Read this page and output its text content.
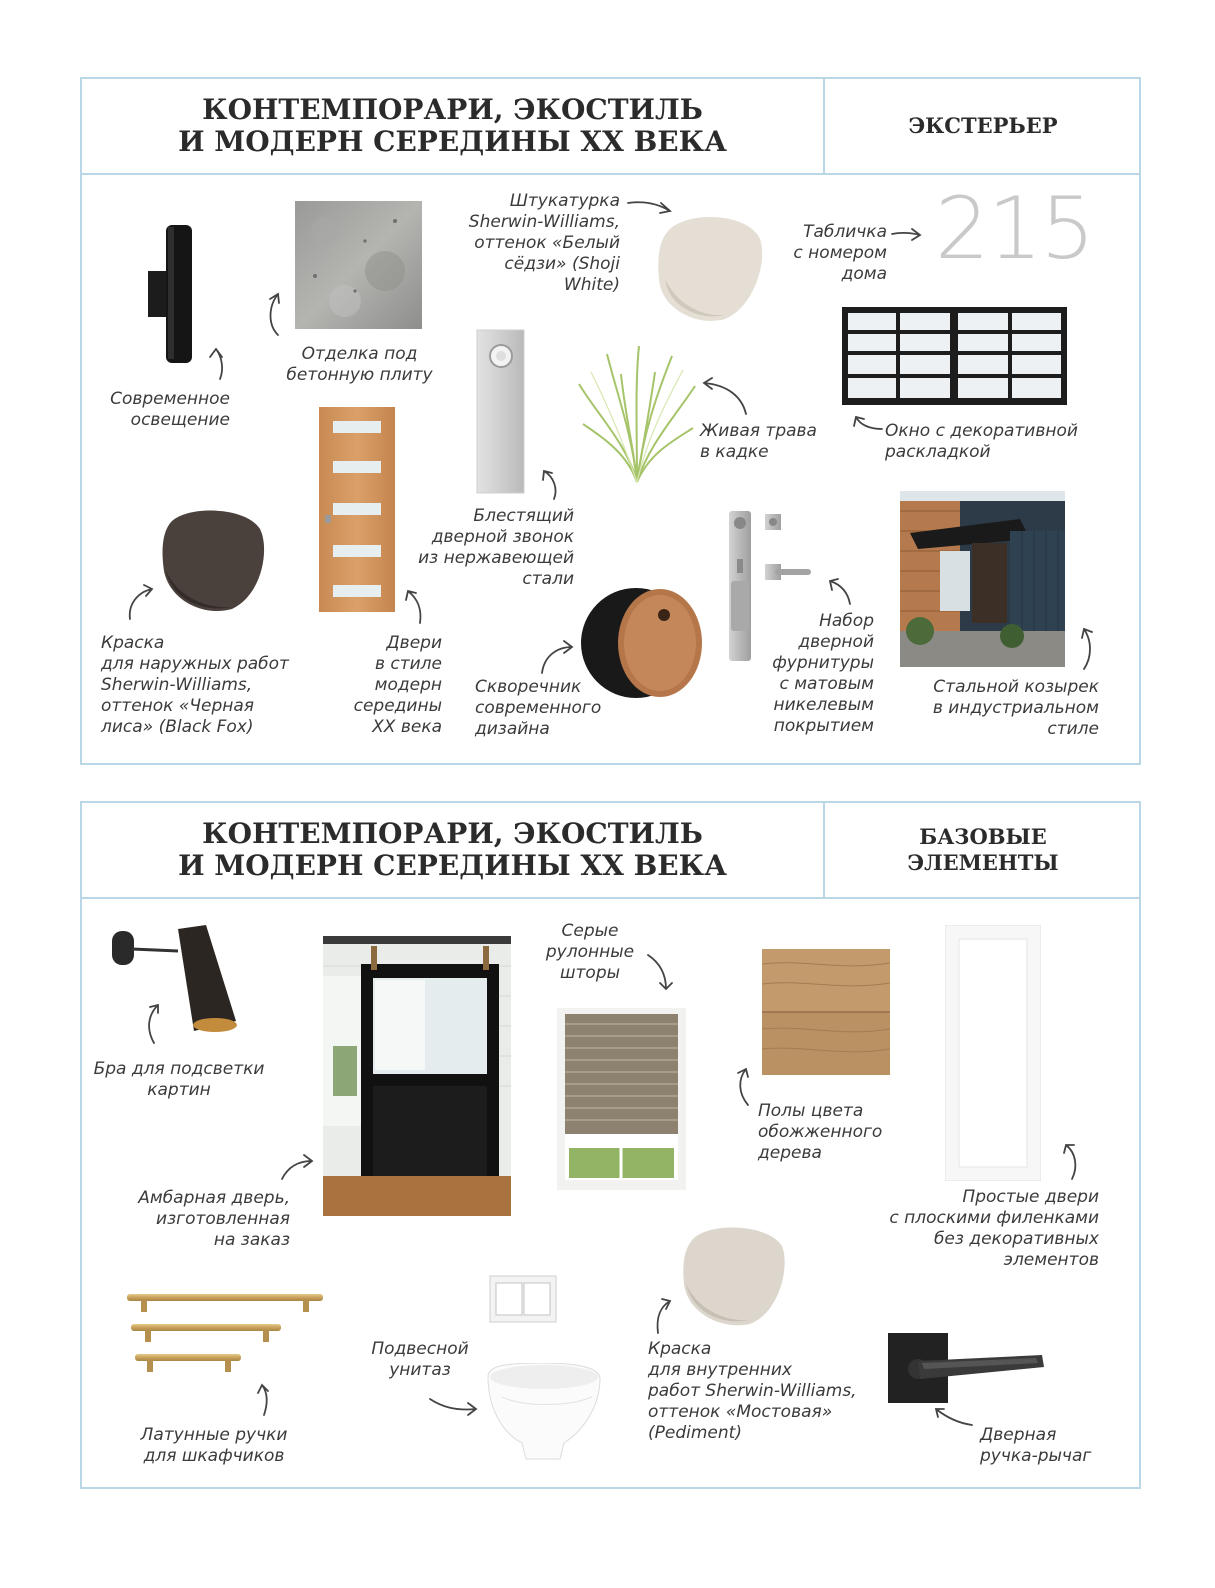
КОНТЕМПОРАРИ, ЭКОСТИЛЬ
И МОДЕРН СЕРЕДИНЫ XX ВЕКА	ЭКСТЕРЬЕР
215
Современное
освещение
Отделка под
бетонную плиту
Штукатурка
Sherwin-Williams,
оттенок «Белый
сёдзи» (Shoji White)
Табличка
с номером
дома
Окно с декоративной
раскладкой
Живая трава
в кадке
Блестящий
дверной звонок
из нержавеющей
стали
Краска
для наружных работ
Sherwin-Williams,
оттенок «Черная
лиса» (Black Fox)
Двери
в стиле
модерн
середины
XX века
Скворечник
современного
дизайна
Набор
дверной
фурнитуры
с матовым
никелевым
покрытием
Стальной козырек
в индустриальном
стиле
КОНТЕМПОРАРИ, ЭКОСТИЛЬ
И МОДЕРН СЕРЕДИНЫ XX ВЕКА
БАЗОВЫЕ
ЭЛЕМЕНТЫ
Бра для подсветки
картин
Амбарная дверь,
изготовленная
на заказ
Серые
рулонные
шторы
Полы цвета
обожженного
дерева
Простые двери
с плоскими филенками
без декоративных
элементов
Латунные ручки
для шкафчиков
Подвесной
унитаз
Краска
для внутренних
работ Sherwin-Williams,
оттенок «Мостовая»
(Pediment)	Дверная
ручка-рычаг
